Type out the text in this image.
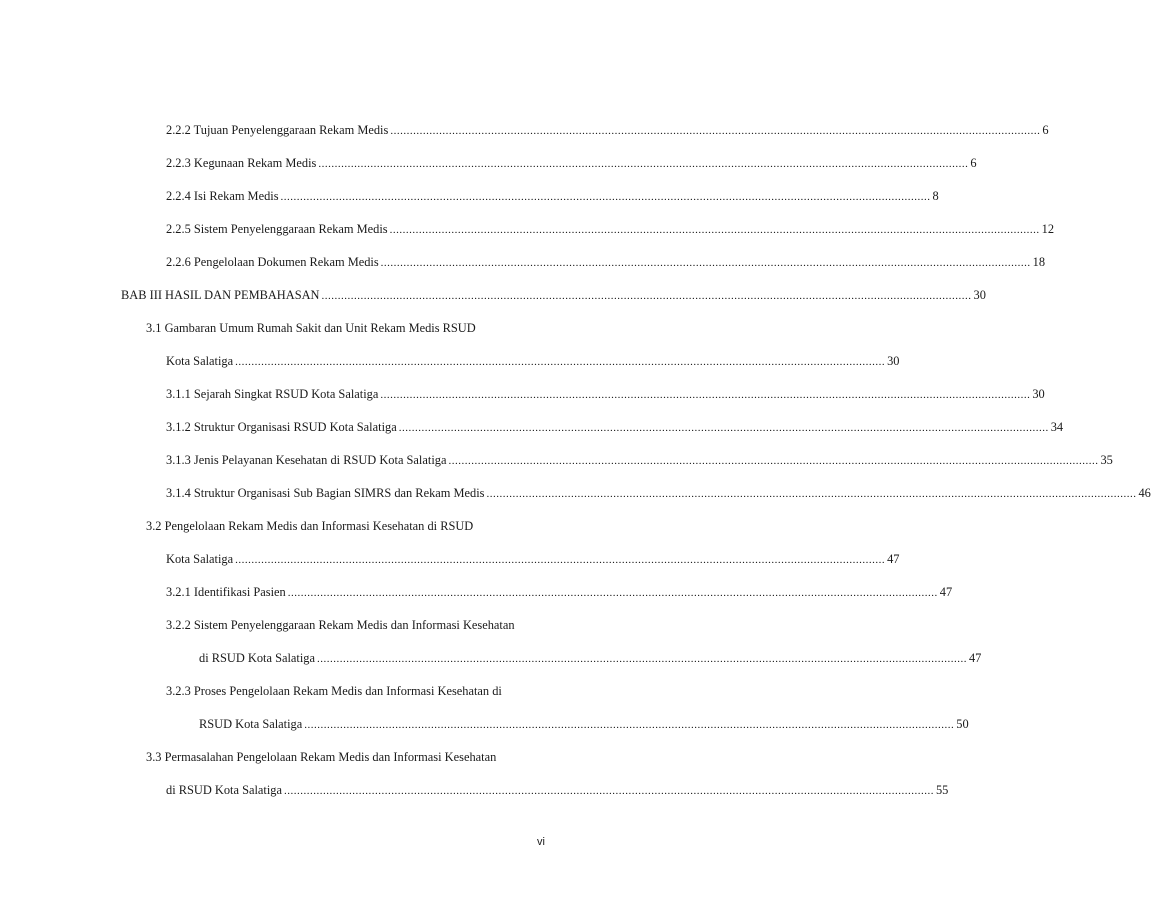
2.2.2 Tujuan Penyelenggaraan Rekam Medis ........................................................................................................................................................................................................ 6
2.2.3 Kegunaan Rekam Medis ........................................................................................................................................................................................................ 6
2.2.4 Isi Rekam Medis ........................................................................................................................................................................................................ 8
2.2.5 Sistem Penyelenggaraan Rekam Medis ........................................................................................................................................................................................................ 12
2.2.6 Pengelolaan Dokumen Rekam Medis ........................................................................................................................................................................................................ 18
BAB III HASIL DAN PEMBAHASAN ........................................................................................................................................................................................................ 30
3.1 Gambaran Umum Rumah Sakit dan Unit Rekam Medis RSUD
Kota Salatiga ........................................................................................................................................................................................................ 30
3.1.1 Sejarah Singkat RSUD Kota Salatiga ........................................................................................................................................................................................................ 30
3.1.2 Struktur Organisasi RSUD Kota Salatiga ........................................................................................................................................................................................................ 34
3.1.3 Jenis Pelayanan Kesehatan di RSUD Kota Salatiga ........................................................................................................................................................................................................ 35
3.1.4 Struktur Organisasi Sub Bagian SIMRS dan Rekam Medis ........................................................................................................................................................................................................ 46
3.2 Pengelolaan Rekam Medis dan Informasi Kesehatan di RSUD
Kota Salatiga ........................................................................................................................................................................................................ 47
3.2.1 Identifikasi Pasien ........................................................................................................................................................................................................ 47
3.2.2 Sistem Penyelenggaraan Rekam Medis dan Informasi Kesehatan
di RSUD Kota Salatiga ........................................................................................................................................................................................................ 47
3.2.3 Proses Pengelolaan Rekam Medis dan Informasi Kesehatan di
RSUD Kota Salatiga ........................................................................................................................................................................................................ 50
3.3 Permasalahan Pengelolaan Rekam Medis dan Informasi Kesehatan
di RSUD Kota Salatiga ........................................................................................................................................................................................................ 55
vi
